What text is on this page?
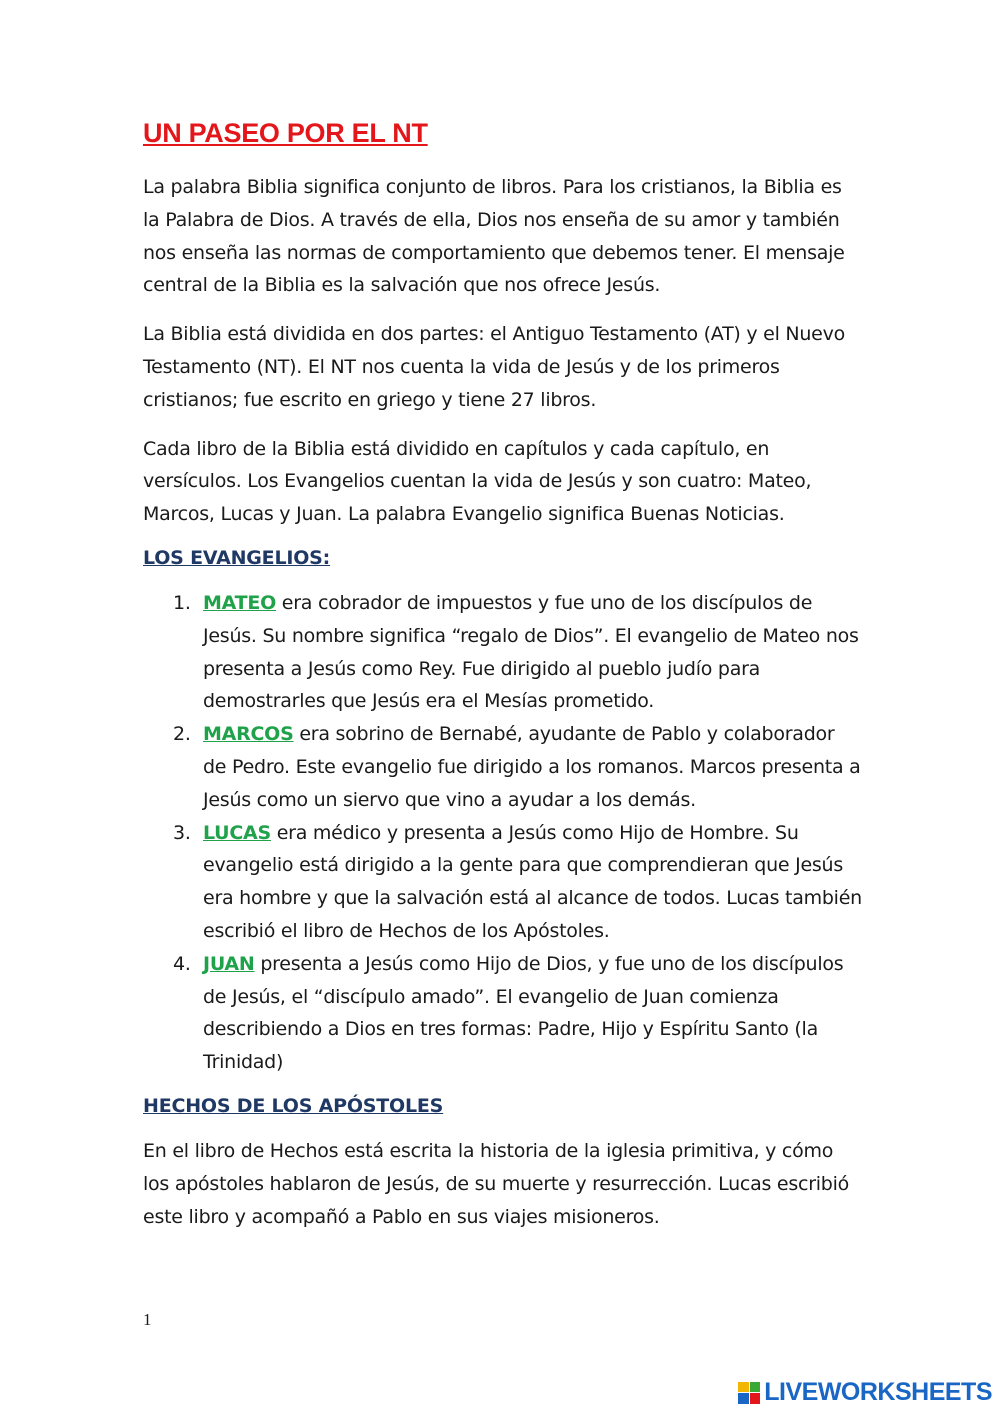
UN PASEO POR EL NT

La palabra Biblia significa conjunto de libros. Para los cristianos, la Biblia es la Palabra de Dios. A través de ella, Dios nos enseña de su amor y también nos enseña las normas de comportamiento que debemos tener. El mensaje central de la Biblia es la salvación que nos ofrece Jesús.

La Biblia está dividida en dos partes: el Antiguo Testamento (AT) y el Nuevo Testamento (NT). El NT nos cuenta la vida de Jesús y de los primeros cristianos; fue escrito en griego y tiene 27 libros.

Cada libro de la Biblia está dividido en capítulos y cada capítulo, en versículos. Los Evangelios cuentan la vida de Jesús y son cuatro: Mateo, Marcos, Lucas y Juan. La palabra Evangelio significa Buenas Noticias.

LOS EVANGELIOS:
1. MATEO era cobrador de impuestos y fue uno de los discípulos de Jesús. Su nombre significa “regalo de Dios”. El evangelio de Mateo nos presenta a Jesús como Rey. Fue dirigido al pueblo judío para demostrarles que Jesús era el Mesías prometido.
2. MARCOS era sobrino de Bernabé, ayudante de Pablo y colaborador de Pedro. Este evangelio fue dirigido a los romanos. Marcos presenta a Jesús como un siervo que vino a ayudar a los demás.
3. LUCAS era médico y presenta a Jesús como Hijo de Hombre. Su evangelio está dirigido a la gente para que comprendieran que Jesús era hombre y que la salvación está al alcance de todos. Lucas también escribió el libro de Hechos de los Apóstoles.
4. JUAN presenta a Jesús como Hijo de Dios, y fue uno de los discípulos de Jesús, el “discípulo amado”. El evangelio de Juan comienza describiendo a Dios en tres formas: Padre, Hijo y Espíritu Santo (la Trinidad)
HECHOS DE LOS APÓSTOLES

En el libro de Hechos está escrita la historia de la iglesia primitiva, y cómo los apóstoles hablaron de Jesús, de su muerte y resurrección. Lucas escribió este libro y acompañó a Pablo en sus viajes misioneros.

1
LIVEWORKSHEETS
